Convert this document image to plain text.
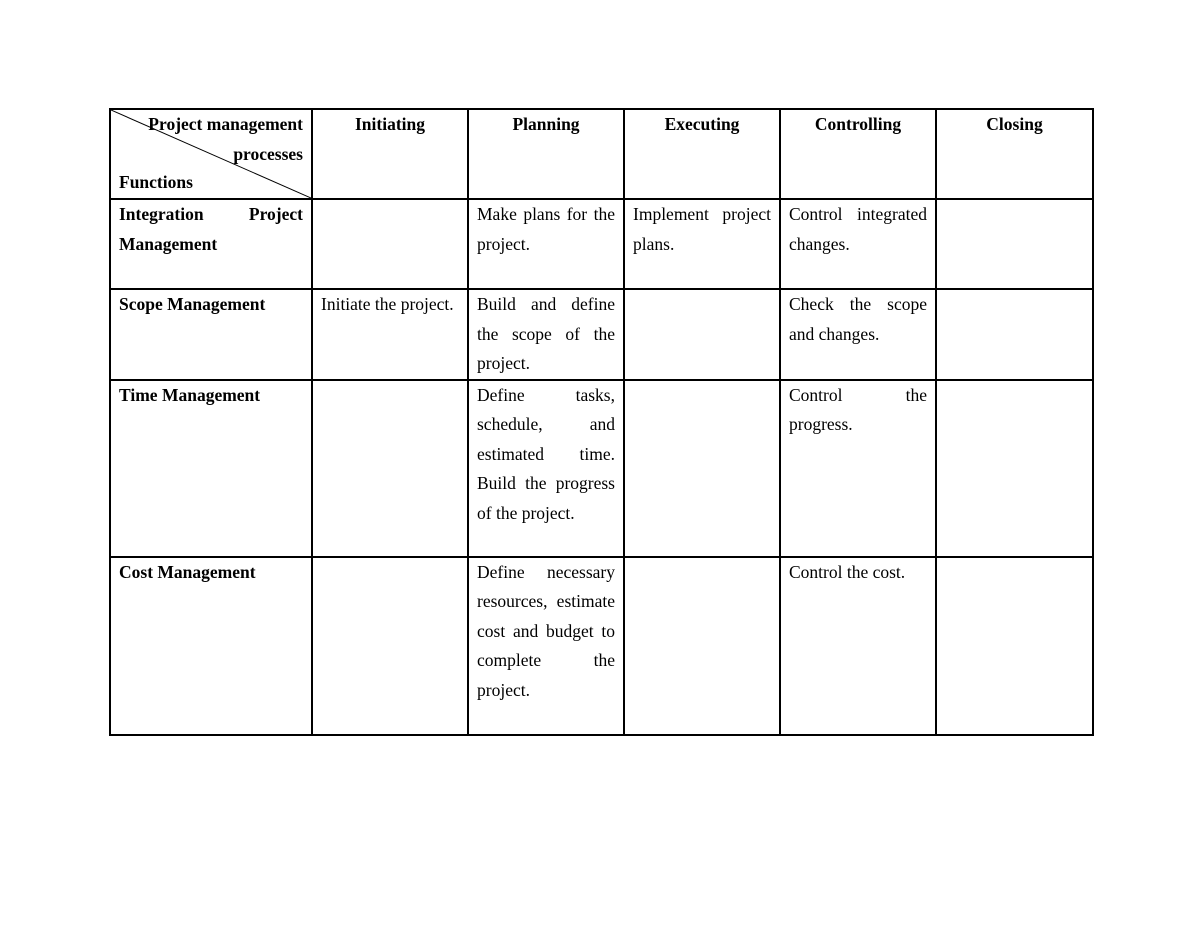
Project management
processes
Functions	Initiating	Planning	Executing	Controlling	Closing
Integration Project Management		Make plans for the project.	Implement project plans.	Control integrated changes.	
Scope Management	Initiate the project.	Build and define the scope of the project.		Check the scope and changes.	
Time Management		Define tasks, schedule, and estimated time. Build the progress of the project.		Control the progress.	
Cost Management		Define necessary resources, estimate cost and budget to complete the project.		Control the cost.	
